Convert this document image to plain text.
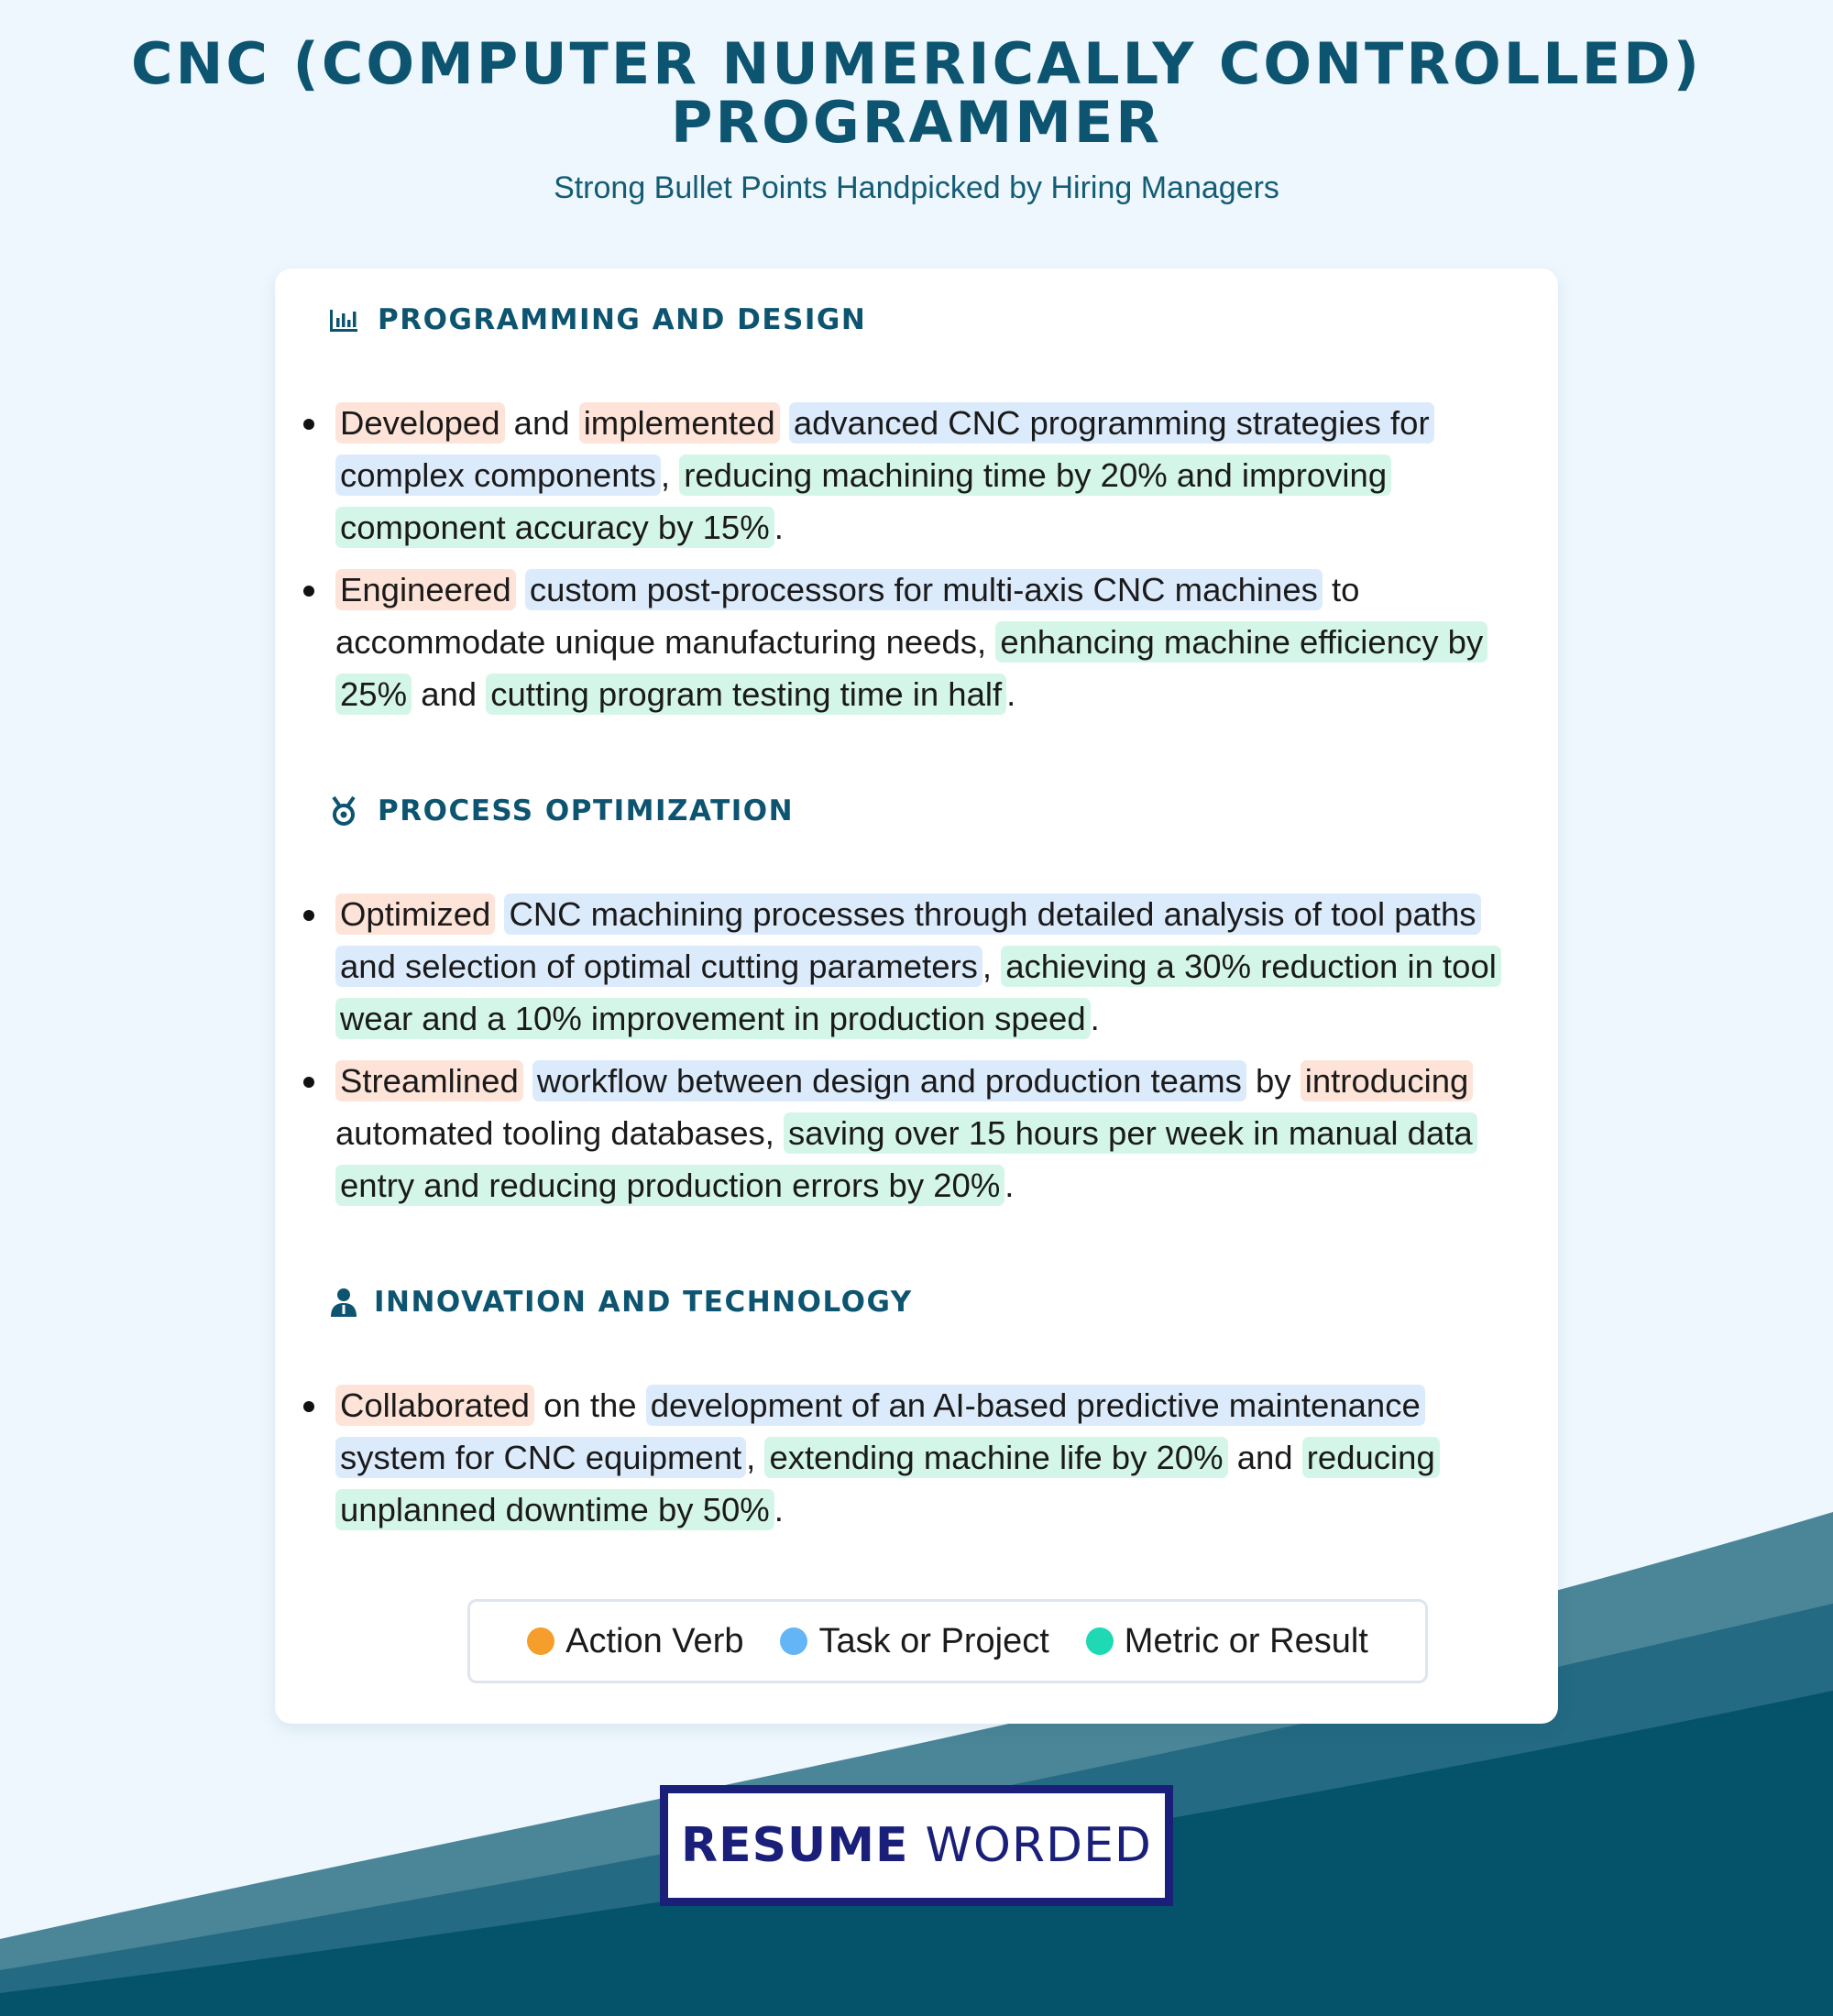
CNC (COMPUTER NUMERICALLY CONTROLLED) PROGRAMMER
Strong Bullet Points Handpicked by Hiring Managers
PROGRAMMING AND DESIGN
Developed and implemented advanced CNC programming strategies for complex components , reducing machining time by 20% and improving component accuracy by 15% .
Engineered custom post-processors for multi-axis CNC machines to accommodate unique manufacturing needs, enhancing machine efficiency by 25% and cutting program testing time in half .
PROCESS OPTIMIZATION
Optimized CNC machining processes through detailed analysis of tool paths and selection of optimal cutting parameters , achieving a 30% reduction in tool wear and a 10% improvement in production speed .
Streamlined workflow between design and production teams by introducing automated tooling databases, saving over 15 hours per week in manual data entry and reducing production errors by 20% .
INNOVATION AND TECHNOLOGY
Collaborated on the development of an AI-based predictive maintenance system for CNC equipment , extending machine life by 20% and reducing unplanned downtime by 50% .
Action Verb Task or Project Metric or Result
RESUME WORDED
